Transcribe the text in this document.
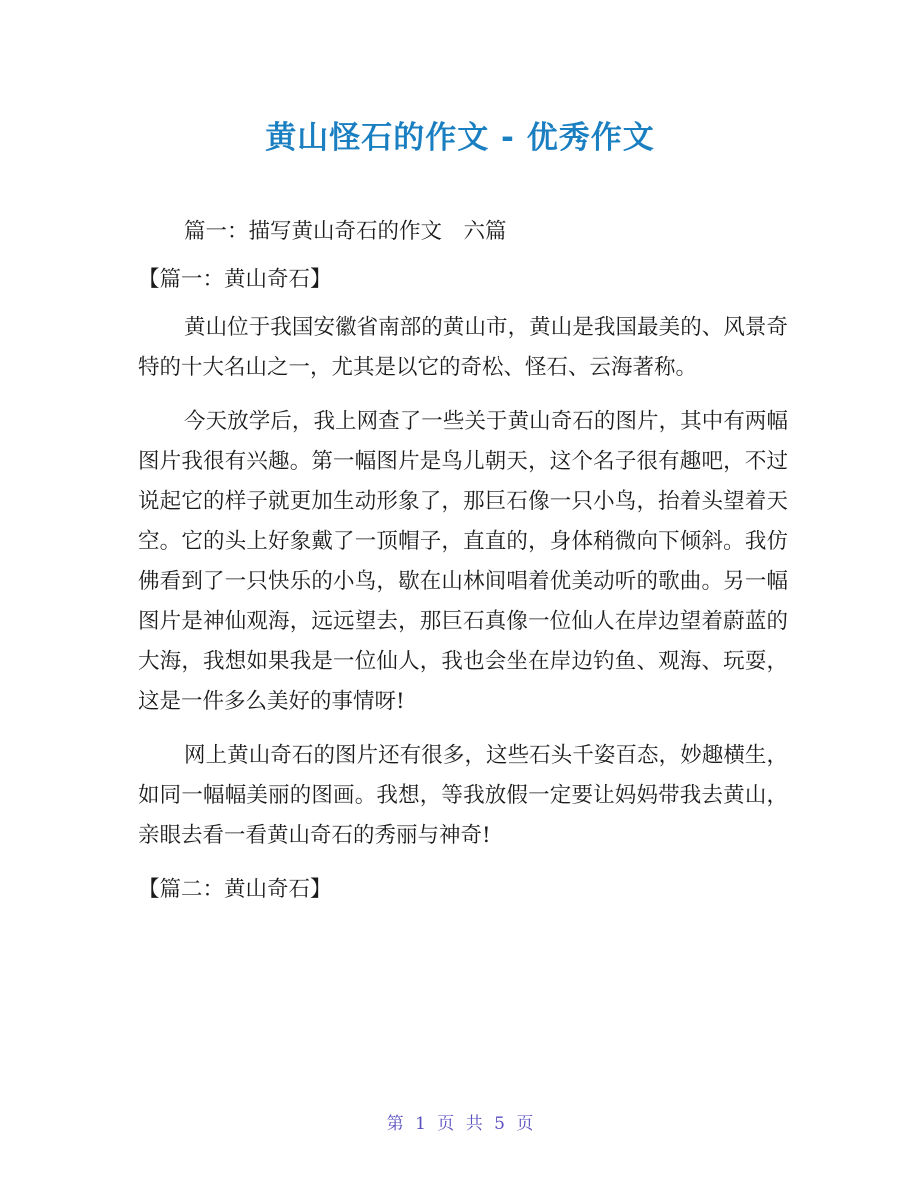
黄山怪石的作文 - 优秀作文

篇一：描写黄山奇石的作文　六篇

【篇一：黄山奇石】

黄山位于我国安徽省南部的黄山市，黄山是我国最美的、风景奇特的十大名山之一，尤其是以它的奇松、怪石、云海著称。

今天放学后，我上网查了一些关于黄山奇石的图片，其中有两幅图片我很有兴趣。第一幅图片是鸟儿朝天，这个名子很有趣吧，不过说起它的样子就更加生动形象了，那巨石像一只小鸟，抬着头望着天空。它的头上好象戴了一顶帽子，直直的，身体稍微向下倾斜。我仿佛看到了一只快乐的小鸟，歇在山林间唱着优美动听的歌曲。另一幅图片是神仙观海，远远望去，那巨石真像一位仙人在岸边望着蔚蓝的大海，我想如果我是一位仙人，我也会坐在岸边钓鱼、观海、玩耍，这是一件多么美好的事情呀!

网上黄山奇石的图片还有很多，这些石头千姿百态，妙趣横生，如同一幅幅美丽的图画。我想，等我放假一定要让妈妈带我去黄山，亲眼去看一看黄山奇石的秀丽与神奇!

【篇二：黄山奇石】

第 1 页 共 5 页
